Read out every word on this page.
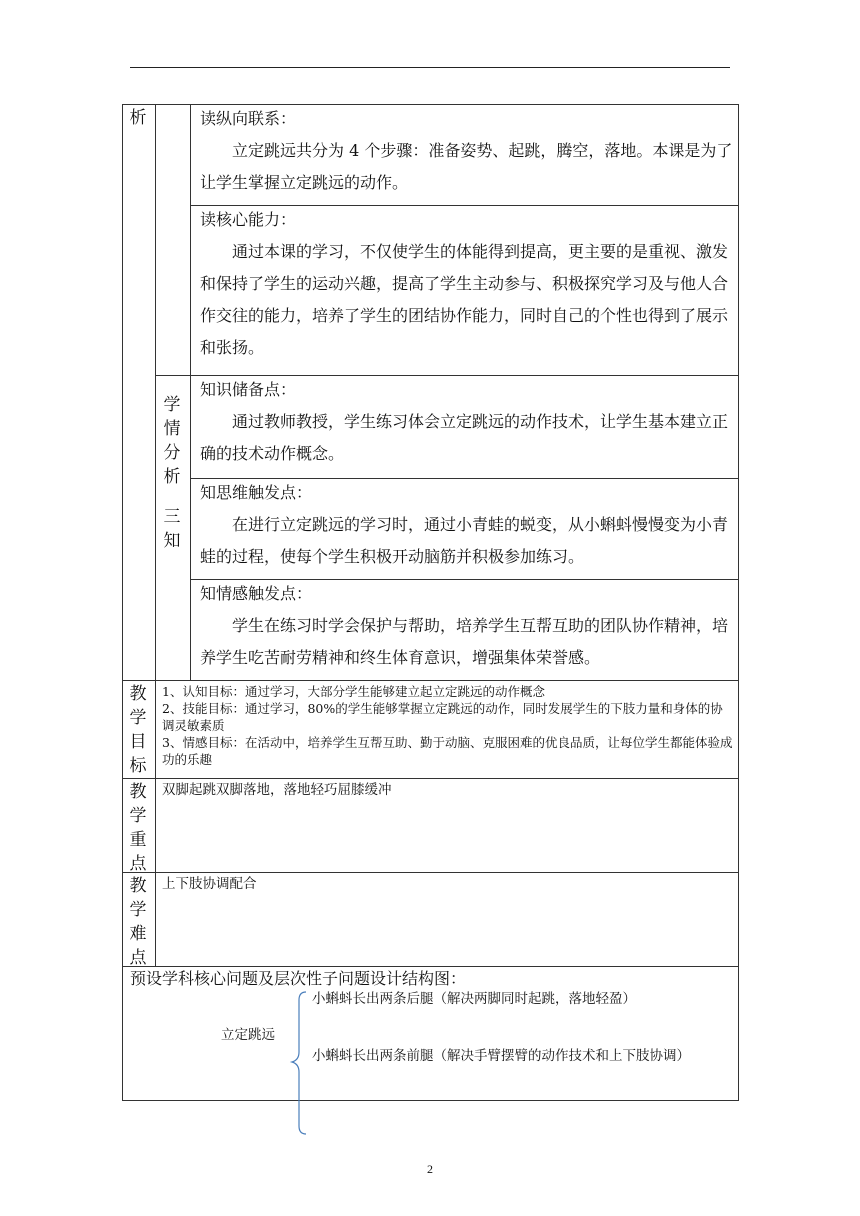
析
学情分析
三知
读纵向联系：

立定跳远共分为 4 个步骤：准备姿势、起跳，腾空，落地。本课是为了让学生掌握立定跳远的动作。

读核心能力：

通过本课的学习，不仅使学生的体能得到提高，更主要的是重视、激发和保持了学生的运动兴趣，提高了学生主动参与、积极探究学习及与他人合作交往的能力，培养了学生的团结协作能力，同时自己的个性也得到了展示和张扬。

知识储备点：

通过教师教授，学生练习体会立定跳远的动作技术，让学生基本建立正确的技术动作概念。

知思维触发点：

在进行立定跳远的学习时，通过小青蛙的蜕变，从小蝌蚪慢慢变为小青蛙的过程，使每个学生积极开动脑筋并积极参加练习。

知情感触发点：

学生在练习时学会保护与帮助，培养学生互帮互助的团队协作精神，培养学生吃苦耐劳精神和终生体育意识，增强集体荣誉感。

教学目标
1、认知目标：通过学习，大部分学生能够建立起立定跳远的动作概念
2、技能目标：通过学习，80%的学生能够掌握立定跳远的动作，同时发展学生的下肢力量和身体的协调灵敏素质
3、情感目标：在活动中，培养学生互帮互助、勤于动脑、克服困难的优良品质，让每位学生都能体验成功的乐趣
教学重点
双脚起跳双脚落地，落地轻巧屈膝缓冲
教学难点
上下肢协调配合
预设学科核心问题及层次性子问题设计结构图：
立定跳远
小蝌蚪长出两条后腿（解决两脚同时起跳，落地轻盈）
小蝌蚪长出两条前腿（解决手臂摆臂的动作技术和上下肢协调）
2
